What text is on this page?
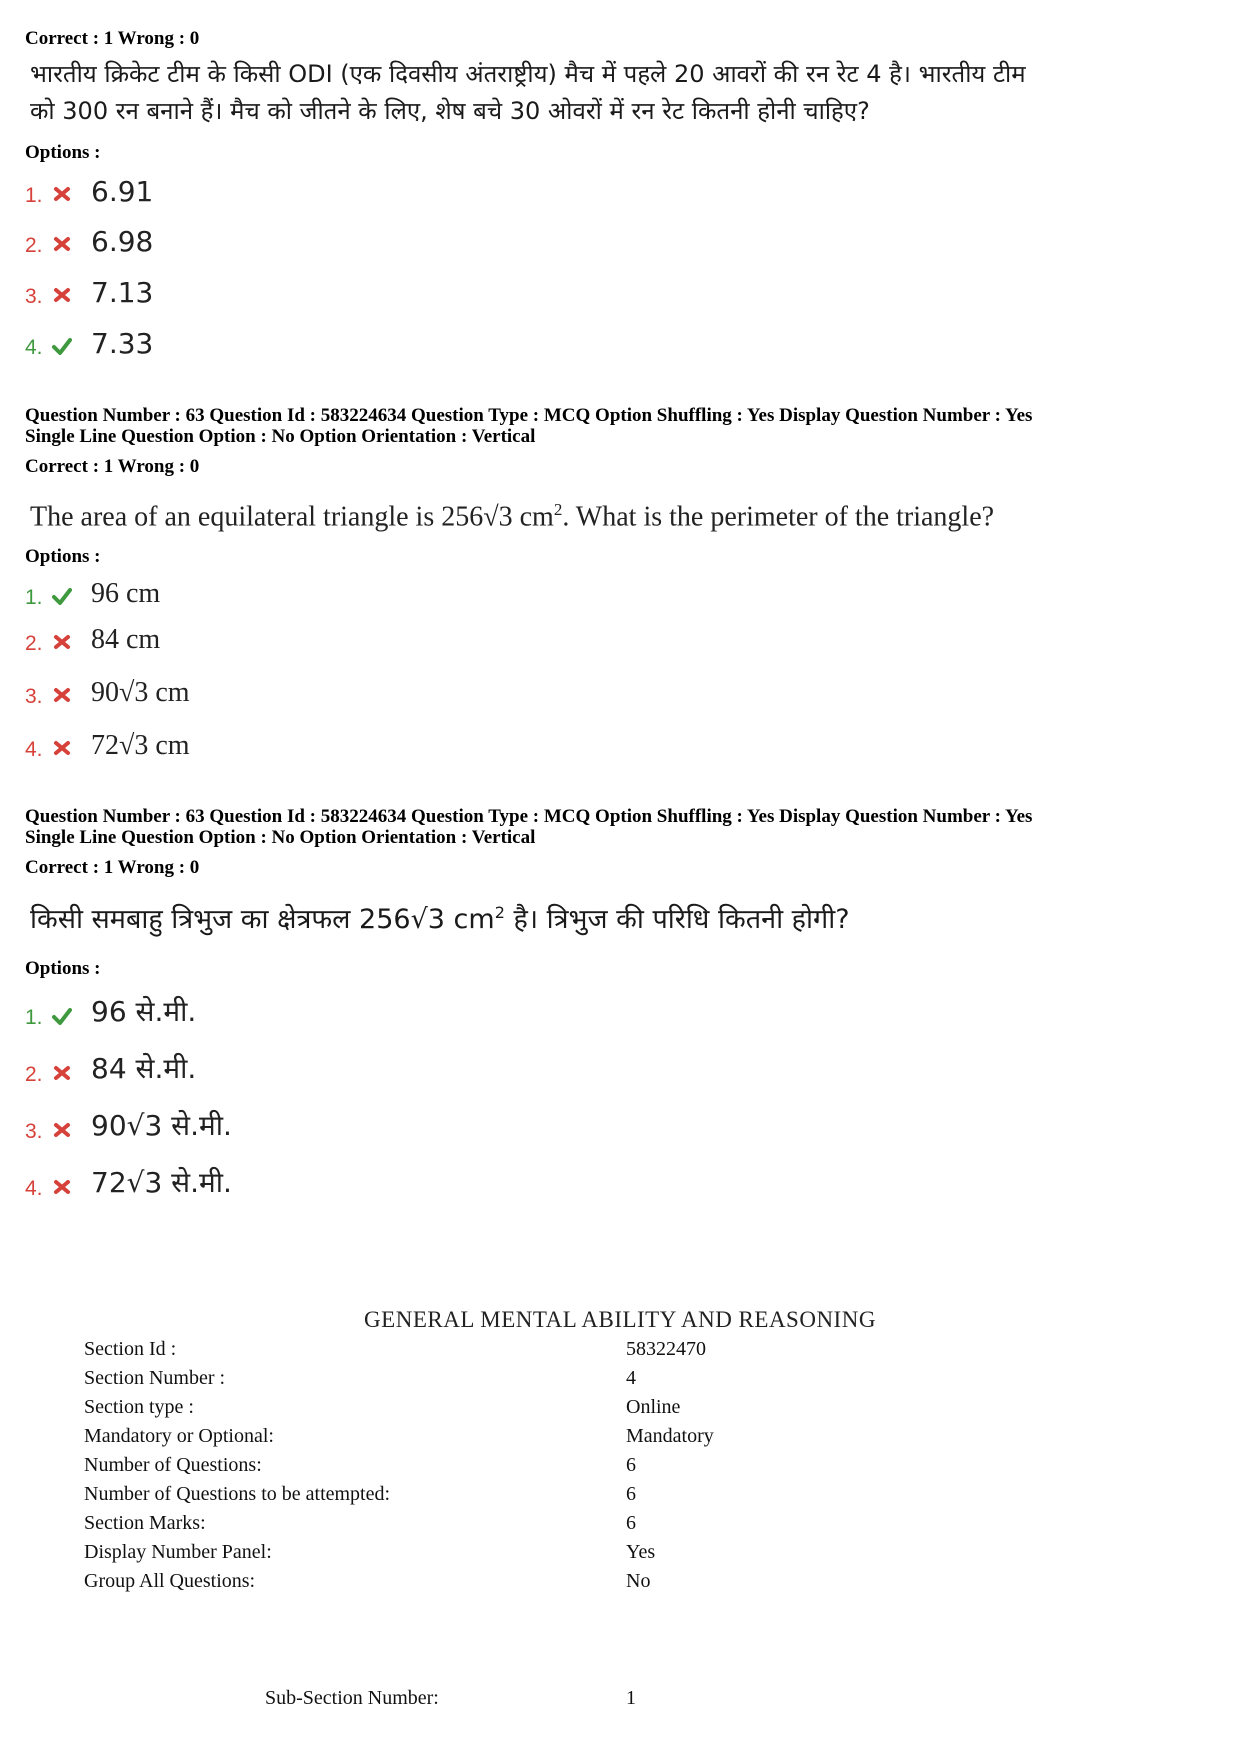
Correct : 1 Wrong : 0
भारतीय क्रिकेट टीम के किसी ODI (एक दिवसीय अंतराष्ट्रीय) मैच में पहले 20 आवरों की रन रेट 4 है। भारतीय टीम
को 300 रन बनाने हैं। मैच को जीतने के लिए, शेष बचे 30 ओवरों में रन रेट कितनी होनी चाहिए?
Options :
1. 6.91
2. 6.98
3. 7.13
4. 7.33
Question Number : 63 Question Id : 583224634 Question Type : MCQ Option Shuffling : Yes Display Question Number : Yes
Single Line Question Option : No Option Orientation : Vertical
Correct : 1 Wrong : 0
The area of an equilateral triangle is 256√3 $cm^2$. What is the perimeter of the triangle?
Options :
1. 96 cm
2. 84 cm
3. 90√3 cm
4. 72√3 cm
Question Number : 63 Question Id : 583224634 Question Type : MCQ Option Shuffling : Yes Display Question Number : Yes
Single Line Question Option : No Option Orientation : Vertical
Correct : 1 Wrong : 0
किसी समबाहु त्रिभुज का क्षेत्रफल 256√3 $cm^2$ है। त्रिभुज की परिधि कितनी होगी?
Options :
1. 96 से.मी.
2. 84 से.मी.
3. 90√3 से.मी.
4. 72√3 से.मी.
GENERAL MENTAL ABILITY AND REASONING
Section Id :	58322470
Section Number :	4
Section type :	Online
Mandatory or Optional:	Mandatory
Number of Questions:	6
Number of Questions to be attempted:	6
Section Marks:	6
Display Number Panel:	Yes
Group All Questions:	No
Sub-Section Number:	1
